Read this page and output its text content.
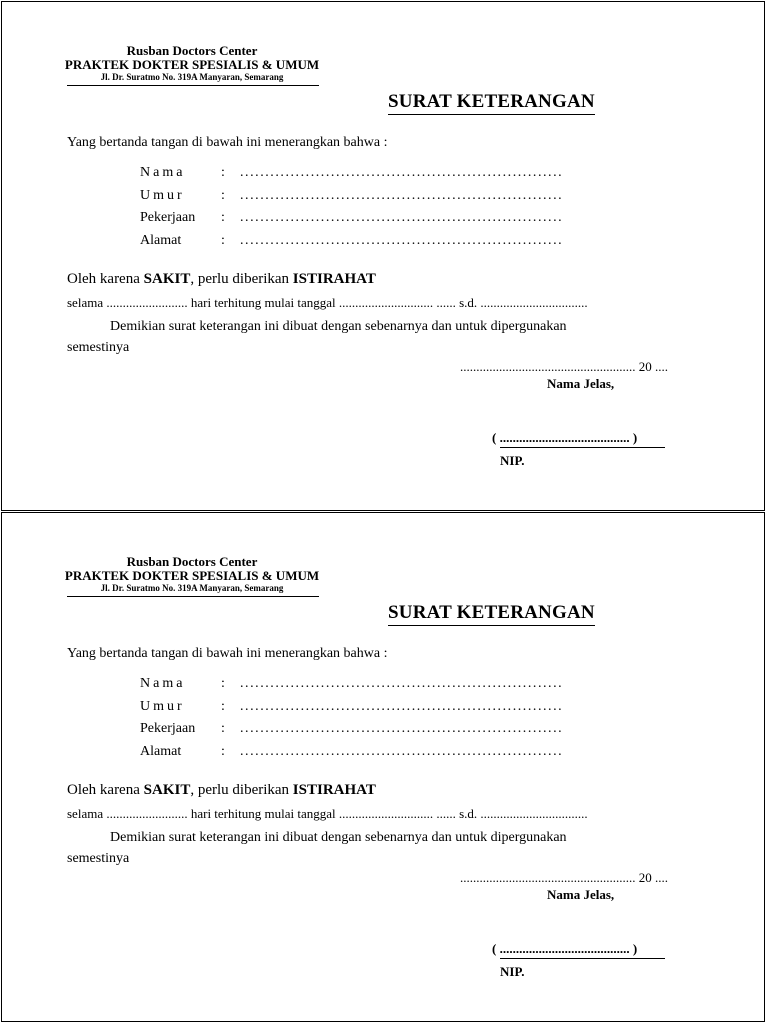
Rusban Doctors Center
PRAKTEK DOKTER SPESIALIS & UMUM
Jl. Dr. Suratmo No. 319A Manyaran, Semarang
SURAT KETERANGAN
Yang bertanda tangan di bawah ini menerangkan bahwa :
Nama	: ................................................................
Umur	: ................................................................
Pekerjaan : ................................................................
Alamat	: ................................................................
Oleh karena SAKIT, perlu diberikan ISTIRAHAT
selama ......................... hari terhitung mulai tanggal ............................. ...... s.d. .................................
Demikian surat keterangan ini dibuat dengan sebenarnya dan untuk dipergunakan
semestinya
...................................................... 20 ....
Nama Jelas,
( ........................................ )
NIP.
Rusban Doctors Center
PRAKTEK DOKTER SPESIALIS & UMUM
Jl. Dr. Suratmo No. 319A Manyaran, Semarang
SURAT KETERANGAN
Yang bertanda tangan di bawah ini menerangkan bahwa :
Nama	: ................................................................
Umur	: ................................................................
Pekerjaan : ................................................................
Alamat	: ................................................................
Oleh karena SAKIT, perlu diberikan ISTIRAHAT
selama ......................... hari terhitung mulai tanggal ............................. ...... s.d. .................................
Demikian surat keterangan ini dibuat dengan sebenarnya dan untuk dipergunakan
semestinya
...................................................... 20 ....
Nama Jelas,
( ........................................ )
NIP.
